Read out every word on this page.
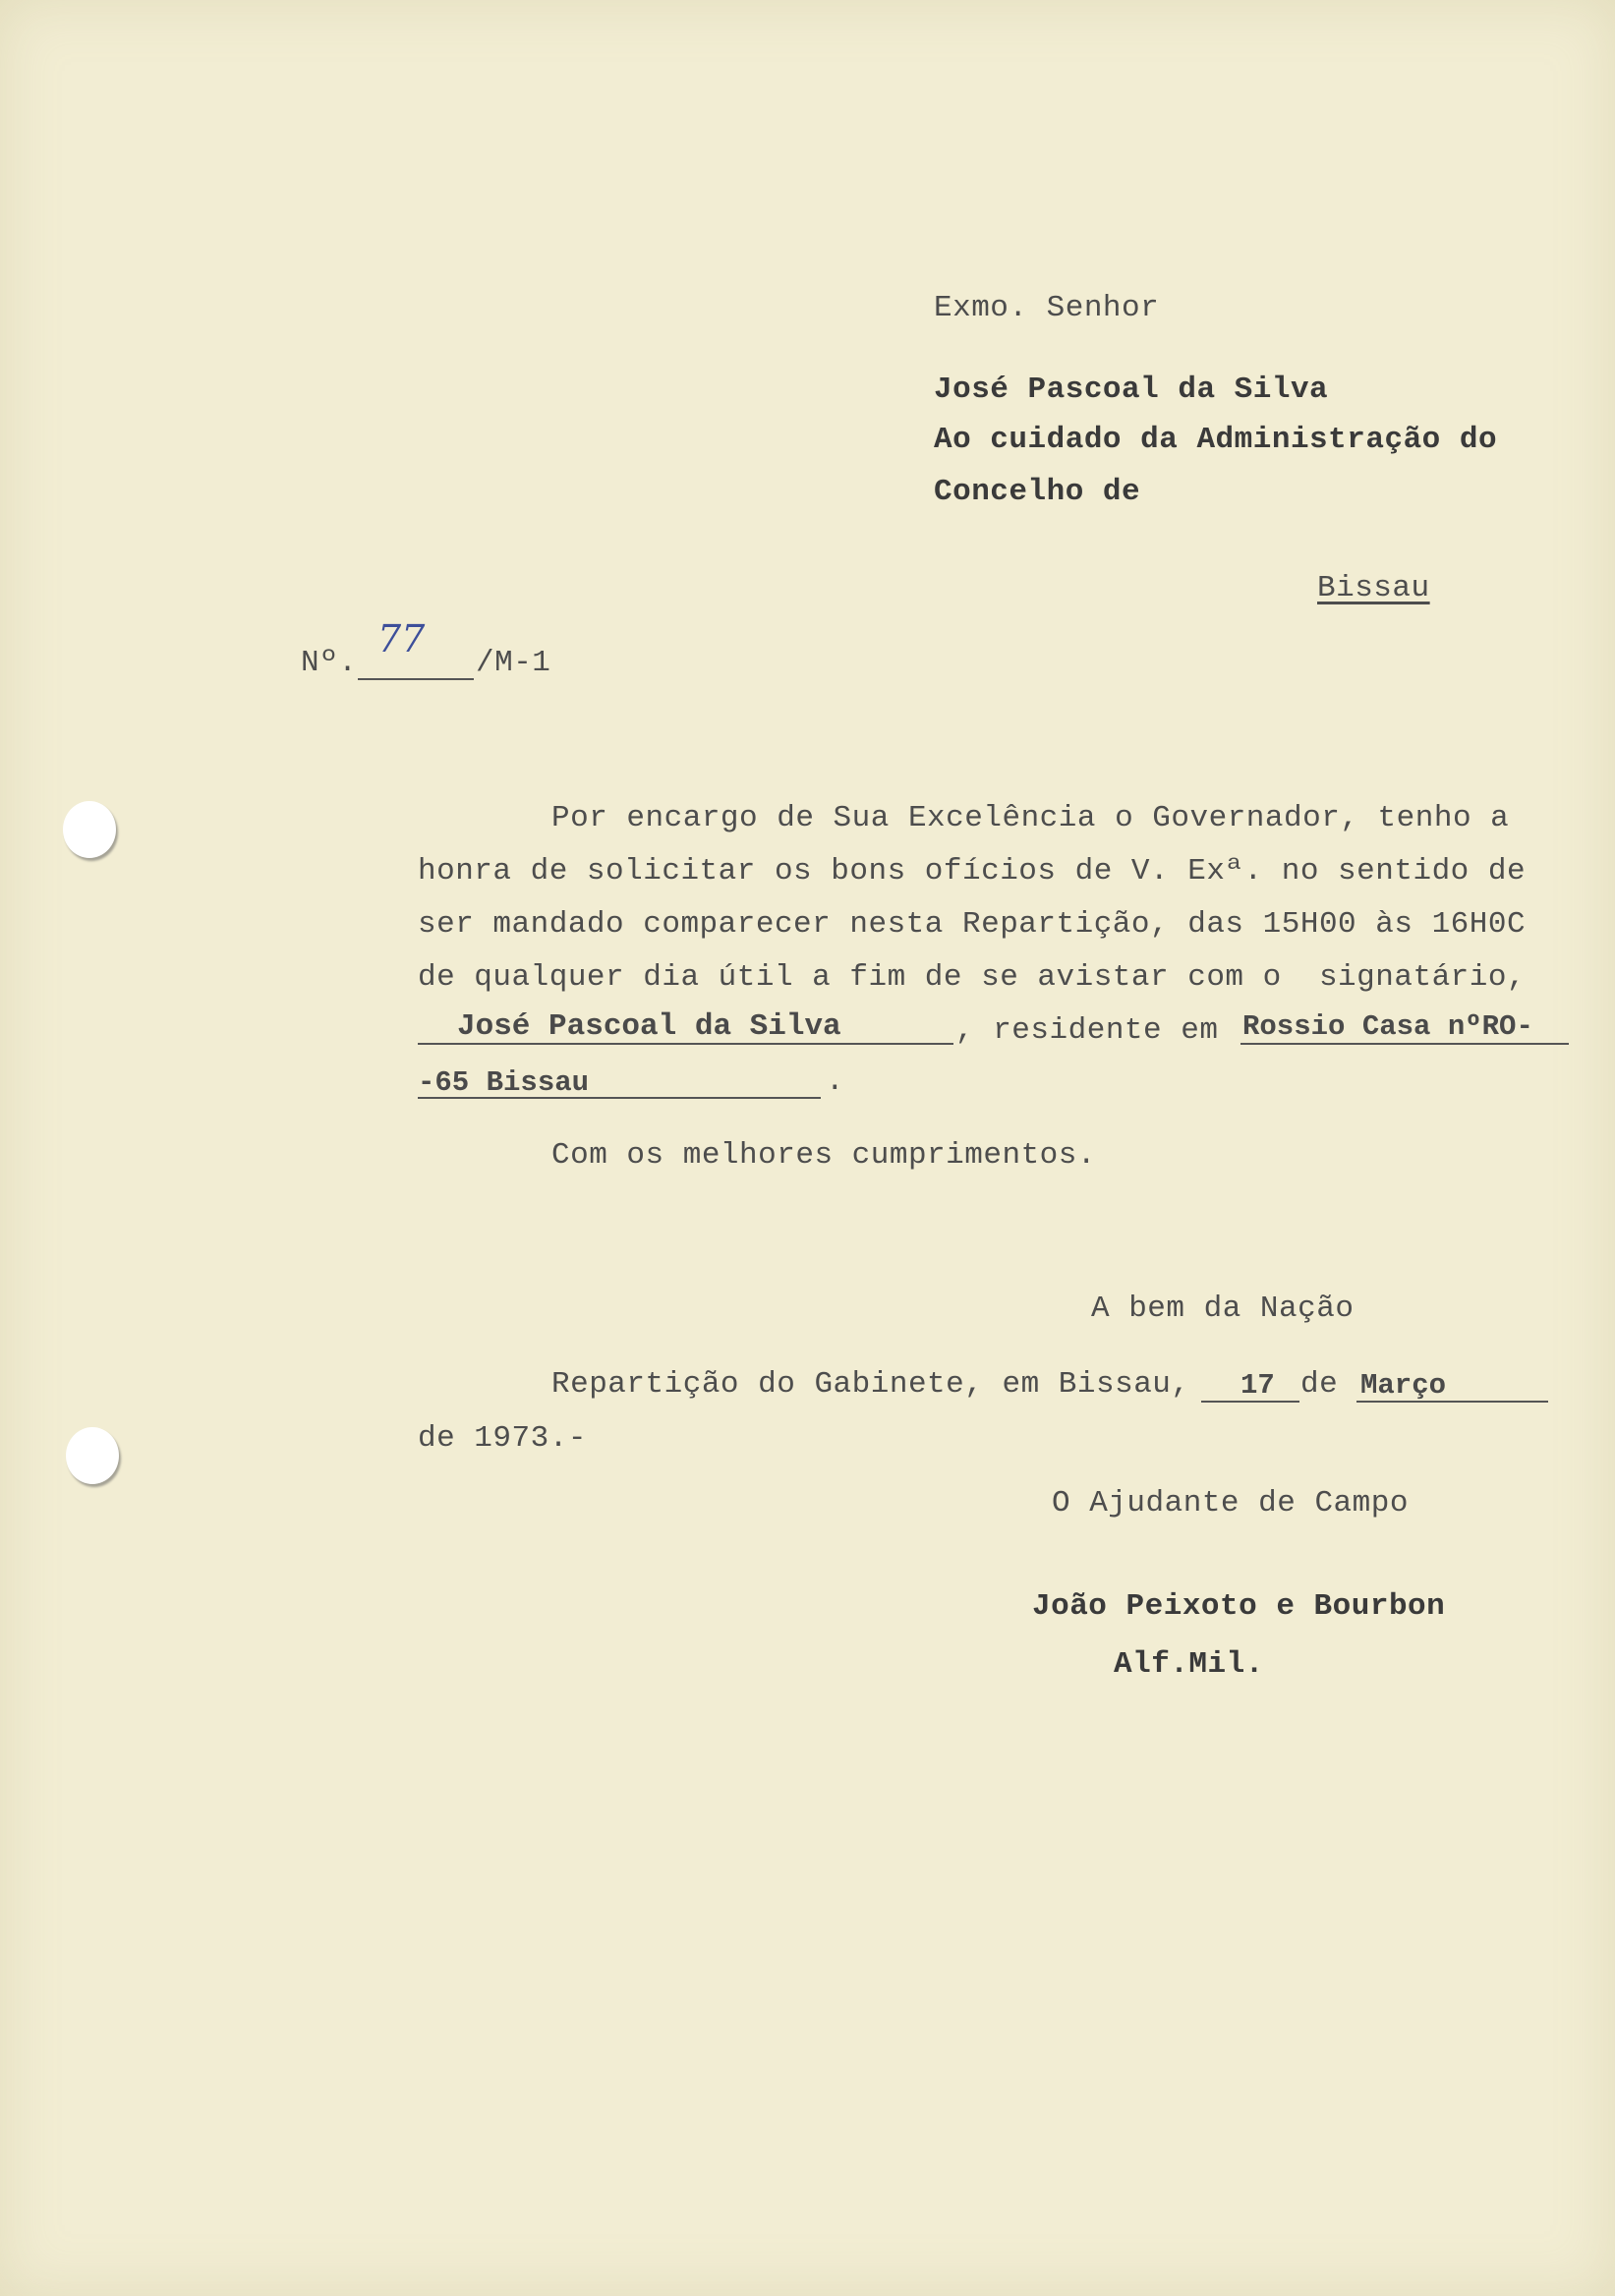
Exmo. Senhor
José Pascoal da Silva
Ao cuidado da Administração do
Concelho de
Bissau
Nº.
77
/M-1
Por encargo de Sua Excelência o Governador, tenho a
honra de solicitar os bons ofícios de V. Exª. no sentido de
ser mandado comparecer nesta Repartição, das 15H00 às 16H0C
de qualquer dia útil a fim de se avistar com o  signatário,
José Pascoal da Silva	, residente em Rossio Casa nºRO-
-65 Bissau	.
Com os melhores cumprimentos.
A bem da Nação
Repartição do Gabinete, em Bissau, 17 de Março
de 1973.-
O Ajudante de Campo
João Peixoto e Bourbon
Alf.Mil.
